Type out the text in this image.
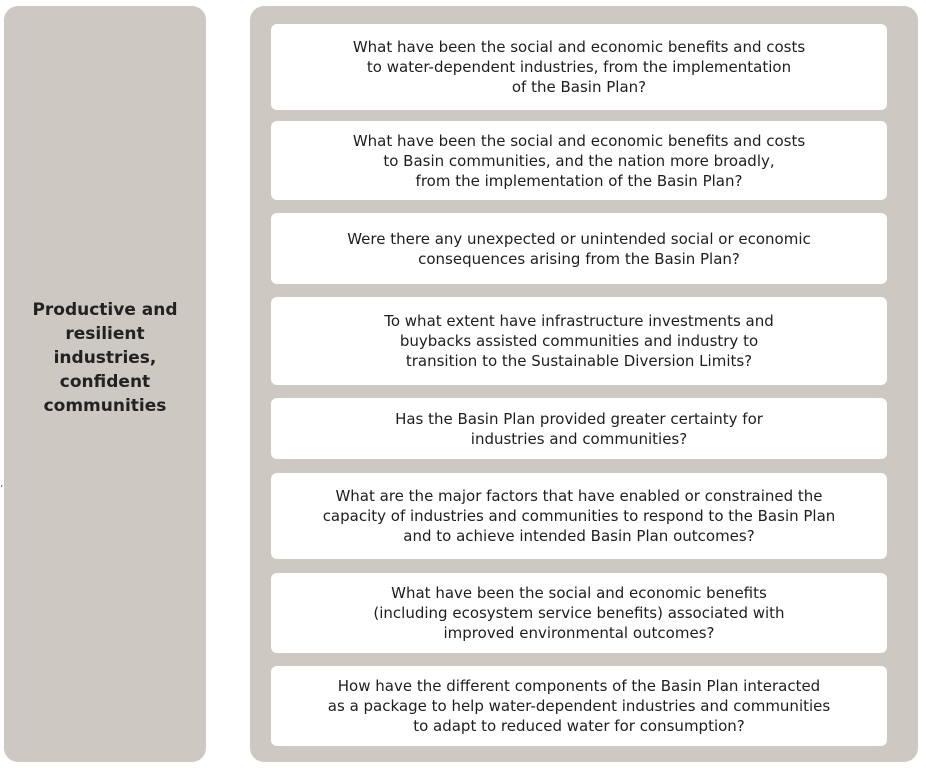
Productive and
resilient
industries,
confident
communities
’
What have been the social and economic benefits and costs
to water-dependent industries, from the implementation
of the Basin Plan?
What have been the social and economic benefits and costs
to Basin communities, and the nation more broadly,
from the implementation of the Basin Plan?
Were there any unexpected or unintended social or economic
consequences arising from the Basin Plan?
To what extent have infrastructure investments and
buybacks assisted communities and industry to
transition to the Sustainable Diversion Limits?
Has the Basin Plan provided greater certainty for
industries and communities?
What are the major factors that have enabled or constrained the
capacity of industries and communities to respond to the Basin Plan
and to achieve intended Basin Plan outcomes?
What have been the social and economic benefits
(including ecosystem service benefits) associated with
improved environmental outcomes?
How have the different components of the Basin Plan interacted
as a package to help water-dependent industries and communities
to adapt to reduced water for consumption?
